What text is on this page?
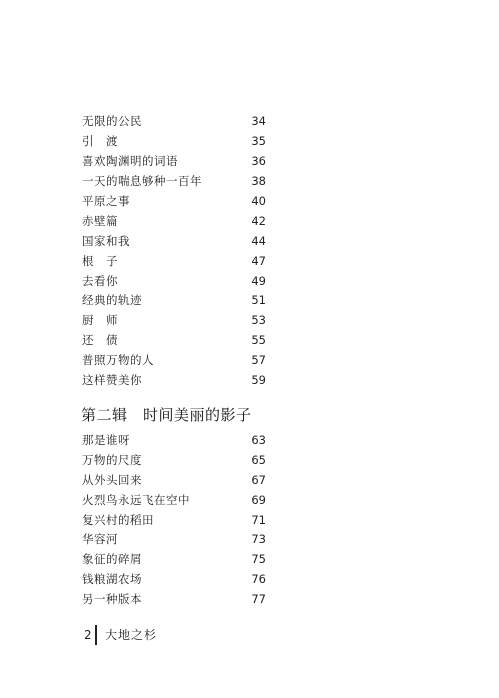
无限的公民	34
引　渡	35
喜欢陶渊明的词语	36
一天的喘息够种一百年	38
平原之事	40
赤壁篇	42
国家和我	44
根　子	47
去看你	49
经典的轨迹	51
厨　师	53
还　债	55
普照万物的人	57
这样赞美你	59
第二辑　时间美丽的影子
那是谁呀	63
万物的尺度	65
从外头回来	67
火烈鸟永远飞在空中	69
复兴村的稻田	71
华容河	73
象征的碎屑	75
钱粮湖农场	76
另一种版本	77
2 大地之杉
